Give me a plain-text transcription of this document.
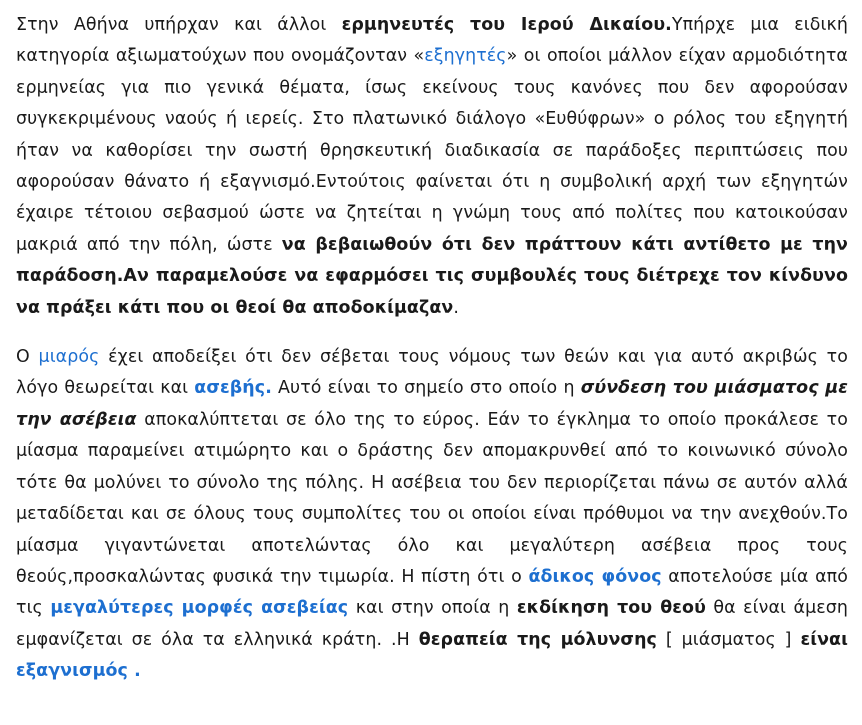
Στην Αθήνα υπήρχαν και άλλοι ερμηνευτές του Ιερού Δικαίου.Υπήρχε μια ειδική κατηγορία αξιωματούχων που ονομάζονταν «εξηγητές» οι οποίοι μάλλον είχαν αρμοδιότητα ερμηνείας για πιο γενικά θέματα, ίσως εκείνους τους κανόνες που δεν αφορούσαν συγκεκριμένους ναούς ή ιερείς. Στο πλατωνικό διάλογο «Ευθύφρων» ο ρόλος του εξηγητή ήταν να καθορίσει την σωστή θρησκευτική διαδικασία σε παράδοξες περιπτώσεις που αφορούσαν θάνατο ή εξαγνισμό.Εντούτοις φαίνεται ότι η συμβολική αρχή των εξηγητών έχαιρε τέτοιου σεβασμού ώστε να ζητείται η γνώμη τους από πολίτες που κατοικούσαν μακριά από την πόλη, ώστε να βεβαιωθούν ότι δεν πράττουν κάτι αντίθετο με την παράδοση.Αν παραμελούσε να εφαρμόσει τις συμβουλές τους διέτρεχε τον κίνδυνο να πράξει κάτι που οι θεοί θα αποδοκίμαζαν.
Ο μιαρός έχει αποδείξει ότι δεν σέβεται τους νόμους των θεών και για αυτό ακριβώς το λόγο θεωρείται και ασεβής. Αυτό είναι το σημείο στο οποίο η σύνδεση του μιάσματος με την ασέβεια αποκαλύπτεται σε όλο της το εύρος. Εάν το έγκλημα το οποίο προκάλεσε το μίασμα παραμείνει ατιμώρητο και ο δράστης δεν απομακρυνθεί από το κοινωνικό σύνολο τότε θα μολύνει το σύνολο της πόλης. Η ασέβεια του δεν περιορίζεται πάνω σε αυτόν αλλά μεταδίδεται και σε όλους τους συμπολίτες του οι οποίοι είναι πρόθυμοι να την ανεχθούν.Το μίασμα γιγαντώνεται αποτελώντας όλο και μεγαλύτερη ασέβεια προς τους θεούς,προσκαλώντας φυσικά την τιμωρία. Η πίστη ότι ο άδικος φόνος αποτελούσε μία από τις μεγαλύτερες μορφές ασεβείας και στην οποία η εκδίκηση του θεού θα είναι άμεση εμφανίζεται σε όλα τα ελληνικά κράτη. .Η θεραπεία της μόλυνσης [ μιάσματος ] είναι εξαγνισμός .
